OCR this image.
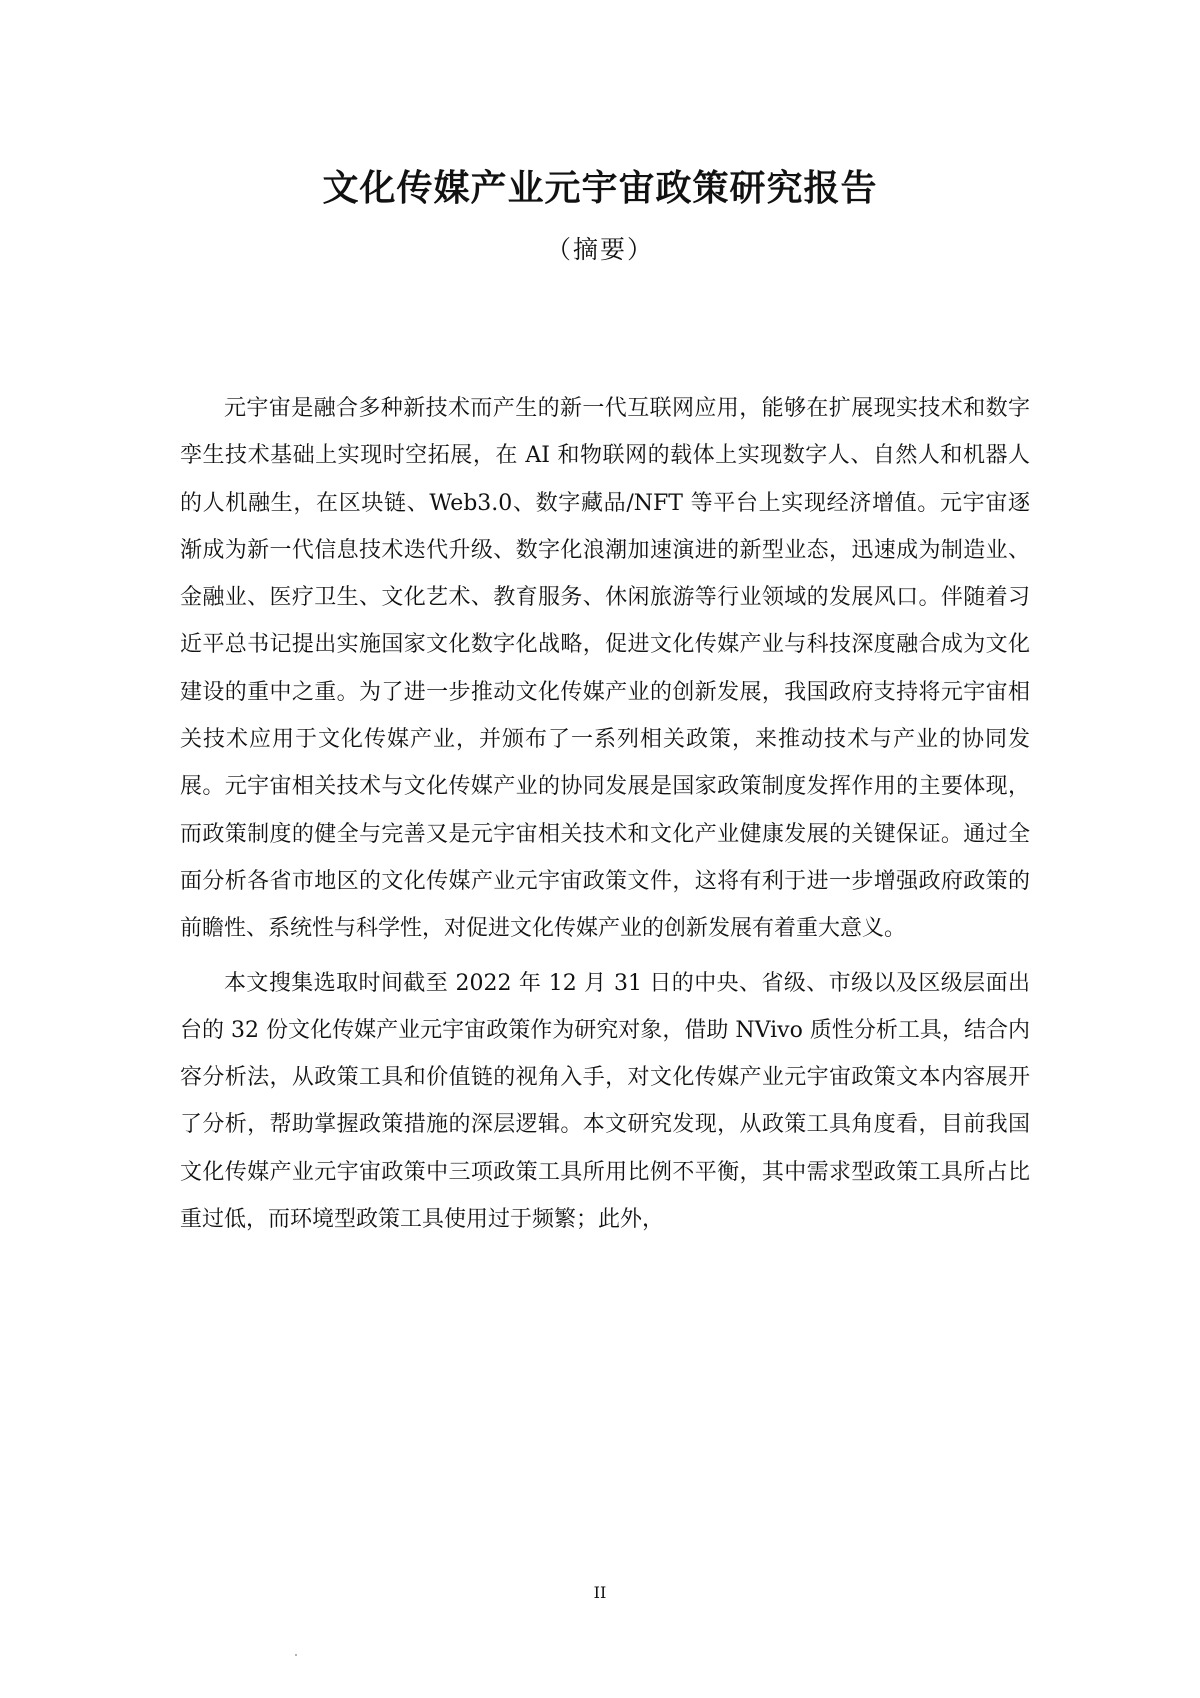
文化传媒产业元宇宙政策研究报告
（摘要）

元宇宙是融合多种新技术而产生的新一代互联网应用，能够在扩展现实技术和数字孪生技术基础上实现时空拓展，在 AI 和物联网的载体上实现数字人、自然人和机器人的人机融生，在区块链、Web3.0、数字藏品/NFT 等平台上实现经济增值。元宇宙逐渐成为新一代信息技术迭代升级、数字化浪潮加速演进的新型业态，迅速成为制造业、金融业、医疗卫生、文化艺术、教育服务、休闲旅游等行业领域的发展风口。伴随着习近平总书记提出实施国家文化数字化战略，促进文化传媒产业与科技深度融合成为文化建设的重中之重。为了进一步推动文化传媒产业的创新发展，我国政府支持将元宇宙相关技术应用于文化传媒产业，并颁布了一系列相关政策，来推动技术与产业的协同发展。元宇宙相关技术与文化传媒产业的协同发展是国家政策制度发挥作用的主要体现，而政策制度的健全与完善又是元宇宙相关技术和文化产业健康发展的关键保证。通过全面分析各省市地区的文化传媒产业元宇宙政策文件，这将有利于进一步增强政府政策的前瞻性、系统性与科学性，对促进文化传媒产业的创新发展有着重大意义。

本文搜集选取时间截至 2022 年 12 月 31 日的中央、省级、市级以及区级层面出台的 32 份文化传媒产业元宇宙政策作为研究对象，借助 NVivo 质性分析工具，结合内容分析法，从政策工具和价值链的视角入手，对文化传媒产业元宇宙政策文本内容展开了分析，帮助掌握政策措施的深层逻辑。本文研究发现，从政策工具角度看，目前我国文化传媒产业元宇宙政策中三项政策工具所用比例不平衡，其中需求型政策工具所占比重过低，而环境型政策工具使用过于频繁；此外，

II
